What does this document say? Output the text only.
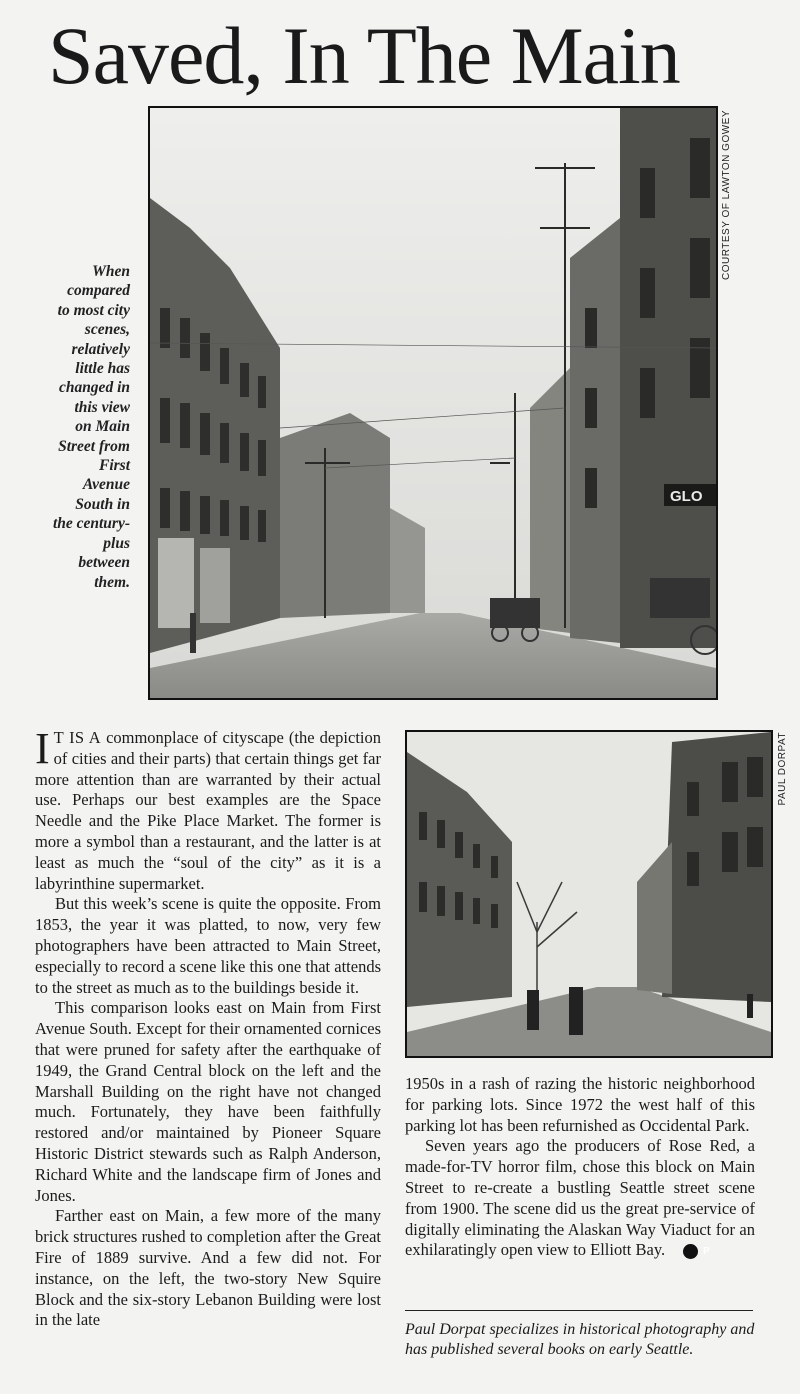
Saved, In The Main
GLO
COURTESY OF LAWTON GOWEY
When
compared
to most city
scenes,
relatively
little has
changed in
this view
on Main
Street from
First
Avenue
South in
the century-
plus
between
them.
PAUL DORPAT

I T IS A commonplace of cityscape (the depiction of cities and their parts) that certain things get far more attention than are warranted by their actual use. Perhaps our best examples are the Space Needle and the Pike Place Market. The former is more a symbol than a restaurant, and the latter is at least as much the “soul of the city” as it is a labyrinthine supermarket.

But this week’s scene is quite the opposite. From 1853, the year it was platted, to now, very few photographers have been attracted to Main Street, especially to record a scene like this one that attends to the street as much as to the buildings beside it.

This comparison looks east on Main from First Avenue South. Except for their ornamented cornices that were pruned for safety after the earthquake of 1949, the Grand Central block on the left and the Marshall Building on the right have not changed much. Fortunately, they have been faithfully restored and/or maintained by Pioneer Square Historic District stewards such as Ralph Anderson, Richard White and the landscape firm of Jones and Jones.

Farther east on Main, a few more of the many brick structures rushed to completion after the Great Fire of 1889 survive. And a few did not. For instance, on the left, the two-story New Squire Block and the six-story Lebanon Building were lost in the late

1950s in a rash of razing the historic neighborhood for parking lots. Since 1972 the west half of this parking lot has been refurnished as Occidental Park.

Seven years ago the producers of Rose Red, a made-for-TV horror film, chose this block on Main Street to re-create a bustling Seattle street scene from 1900. The scene did us the great pre-service of digitally eliminating the Alaskan Way Viaduct for an exhilaratingly open view to Elliott Bay.	P

Paul Dorpat specializes in historical photography and has published several books on early Seattle.
